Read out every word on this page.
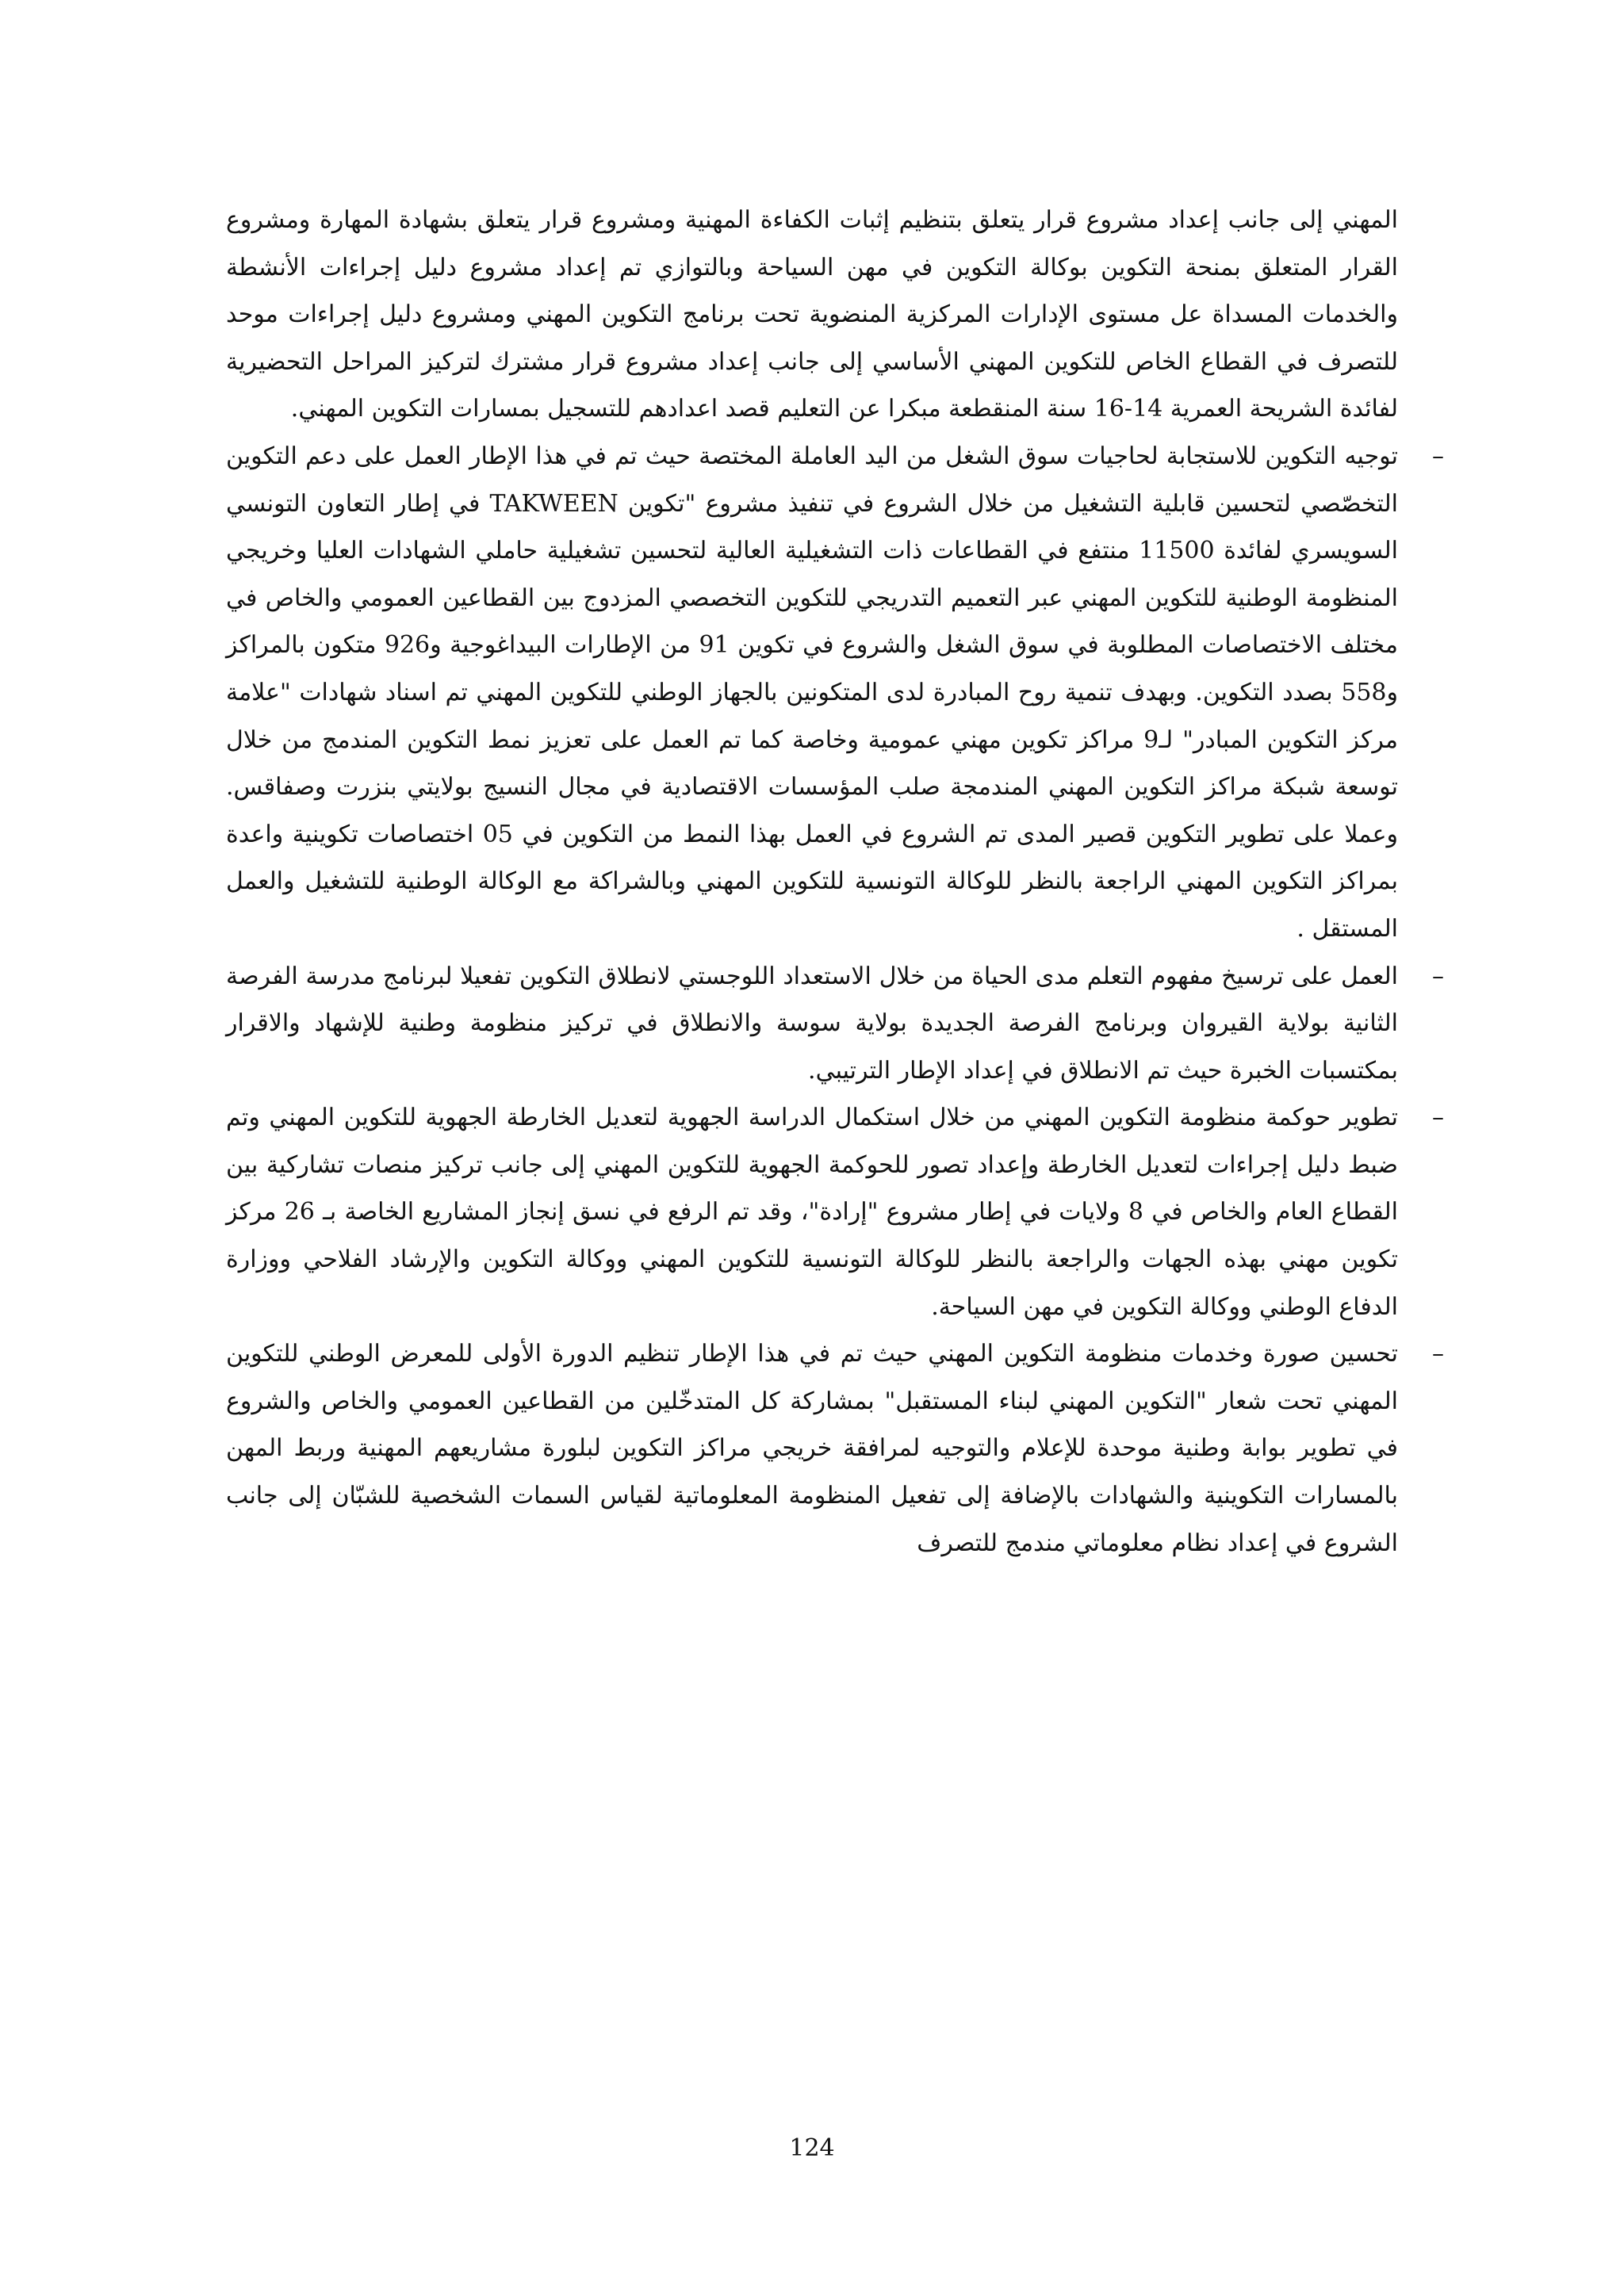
المهني إلى جانب إعداد مشروع قرار يتعلق بتنظيم إثبات الكفاءة المهنية ومشروع قرار يتعلق بشهادة المهارة ومشروع القرار المتعلق بمنحة التكوين بوكالة التكوين في مهن السياحة وبالتوازي تم إعداد مشروع دليل إجراءات الأنشطة والخدمات المسداة عل مستوى الإدارات المركزية المنضوية تحت برنامج التكوين المهني ومشروع دليل إجراءات موحد للتصرف في القطاع الخاص للتكوين المهني الأساسي إلى جانب إعداد مشروع قرار مشترك لتركيز المراحل التحضيرية لفائدة الشريحة العمرية 14-16 سنة المنقطعة مبكرا عن التعليم قصد اعدادهم للتسجيل بمسارات التكوين المهني.

–
توجيه التكوين للاستجابة لحاجيات سوق الشغل من اليد العاملة المختصة حيث تم في هذا الإطار العمل على دعم التكوين التخصّصي لتحسين قابلية التشغيل من خلال الشروع في تنفيذ مشروع "تكوين TAKWEEN في إطار التعاون التونسي السويسري لفائدة 11500 منتفع في القطاعات ذات التشغيلية العالية لتحسين تشغيلية حاملي الشهادات العليا وخريجي المنظومة الوطنية للتكوين المهني عبر التعميم التدريجي للتكوين التخصصي المزدوج بين القطاعين العمومي والخاص في مختلف الاختصاصات المطلوبة في سوق الشغل والشروع في تكوين 91 من الإطارات البيداغوجية و926 متكون بالمراكز و558 بصدد التكوين. وبهدف تنمية روح المبادرة لدى المتكونين بالجهاز الوطني للتكوين المهني تم اسناد شهادات "علامة مركز التكوين المبادر" لـ9 مراكز تكوين مهني عمومية وخاصة كما تم العمل على تعزيز نمط التكوين المندمج من خلال توسعة شبكة مراكز التكوين المهني المندمجة صلب المؤسسات الاقتصادية في مجال النسيج بولايتي بنزرت وصفاقس. وعملا على تطوير التكوين قصير المدى تم الشروع في العمل بهذا النمط من التكوين في 05 اختصاصات تكوينية واعدة بمراكز التكوين المهني الراجعة بالنظر للوكالة التونسية للتكوين المهني وبالشراكة مع الوكالة الوطنية للتشغيل والعمل المستقل .
–
العمل على ترسيخ مفهوم التعلم مدى الحياة من خلال الاستعداد اللوجستي لانطلاق التكوين تفعيلا لبرنامج مدرسة الفرصة الثانية بولاية القيروان وبرنامج الفرصة الجديدة بولاية سوسة والانطلاق في تركيز منظومة وطنية للإشهاد والاقرار بمكتسبات الخبرة حيث تم الانطلاق في إعداد الإطار الترتيبي.
–
تطوير حوكمة منظومة التكوين المهني من خلال استكمال الدراسة الجهوية لتعديل الخارطة الجهوية للتكوين المهني وتم ضبط دليل إجراءات لتعديل الخارطة وإعداد تصور للحوكمة الجهوية للتكوين المهني إلى جانب تركيز منصات تشاركية بين القطاع العام والخاص في 8 ولايات في إطار مشروع "إرادة"، وقد تم الرفع في نسق إنجاز المشاريع الخاصة بـ 26 مركز تكوين مهني بهذه الجهات والراجعة بالنظر للوكالة التونسية للتكوين المهني ووكالة التكوين والإرشاد الفلاحي ووزارة الدفاع الوطني ووكالة التكوين في مهن السياحة.
–
تحسين صورة وخدمات منظومة التكوين المهني حيث تم في هذا الإطار تنظيم الدورة الأولى للمعرض الوطني للتكوين المهني تحت شعار "التكوين المهني لبناء المستقبل" بمشاركة كل المتدخّلين من القطاعين العمومي والخاص والشروع في تطوير بوابة وطنية موحدة للإعلام والتوجيه لمرافقة خريجي مراكز التكوين لبلورة مشاريعهم المهنية وربط المهن بالمسارات التكوينية والشهادات بالإضافة إلى تفعيل المنظومة المعلوماتية لقياس السمات الشخصية للشبّان إلى جانب الشروع في إعداد نظام معلوماتي مندمج للتصرف
124
